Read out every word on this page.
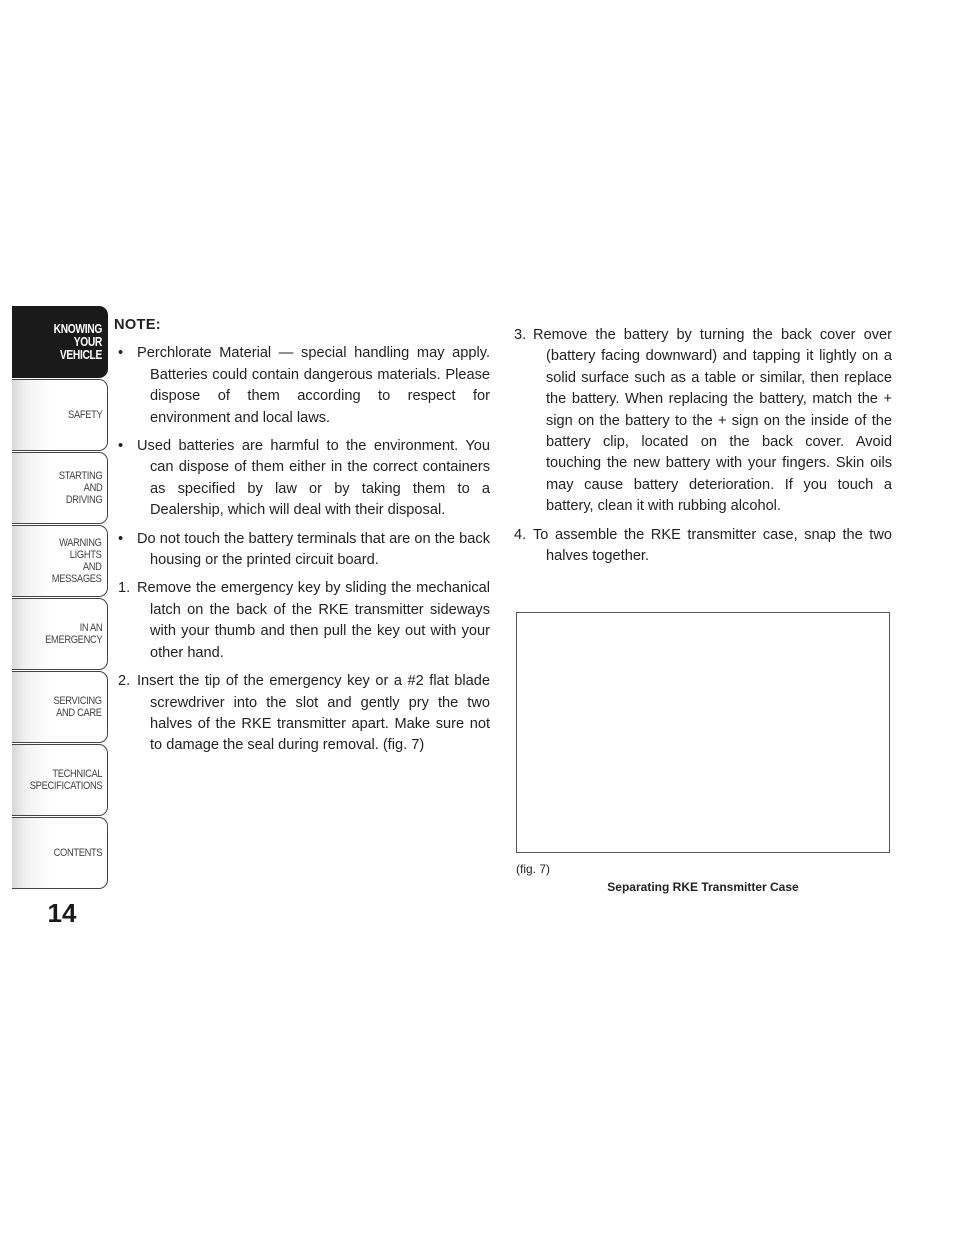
KNOWING
YOUR
VEHICLE
SAFETY
STARTING
AND
DRIVING
WARNING
LIGHTS
AND
MESSAGES
IN AN
EMERGENCY
SERVICING
AND CARE
TECHNICAL
SPECIFICATIONS
CONTENTS
14

NOTE:

• Perchlorate Material — special handling may apply. Batteries could contain dangerous materials. Please dispose of them according to respect for environment and local laws.
• Used batteries are harmful to the environment. You can dispose of them either in the correct containers as specified by law or by taking them to a Dealership, which will deal with their disposal.
• Do not touch the battery terminals that are on the back housing or the printed circuit board.
1. Remove the emergency key by sliding the mechanical latch on the back of the RKE transmitter sideways with your thumb and then pull the key out with your other hand.
2. Insert the tip of the emergency key or a #2 flat blade screwdriver into the slot and gently pry the two halves of the RKE transmitter apart. Make sure not to damage the seal during removal. (fig. 7)
3. Remove the battery by turning the back cover over (battery facing downward) and tapping it lightly on a solid surface such as a table or similar, then replace the battery. When replacing the battery, match the + sign on the battery to the + sign on the inside of the battery clip, located on the back cover. Avoid touching the new battery with your fingers. Skin oils may cause battery deterioration. If you touch a battery, clean it with rubbing alcohol.
4. To assemble the RKE transmitter case, snap the two halves together.
(fig. 7)
Separating RKE Transmitter Case
